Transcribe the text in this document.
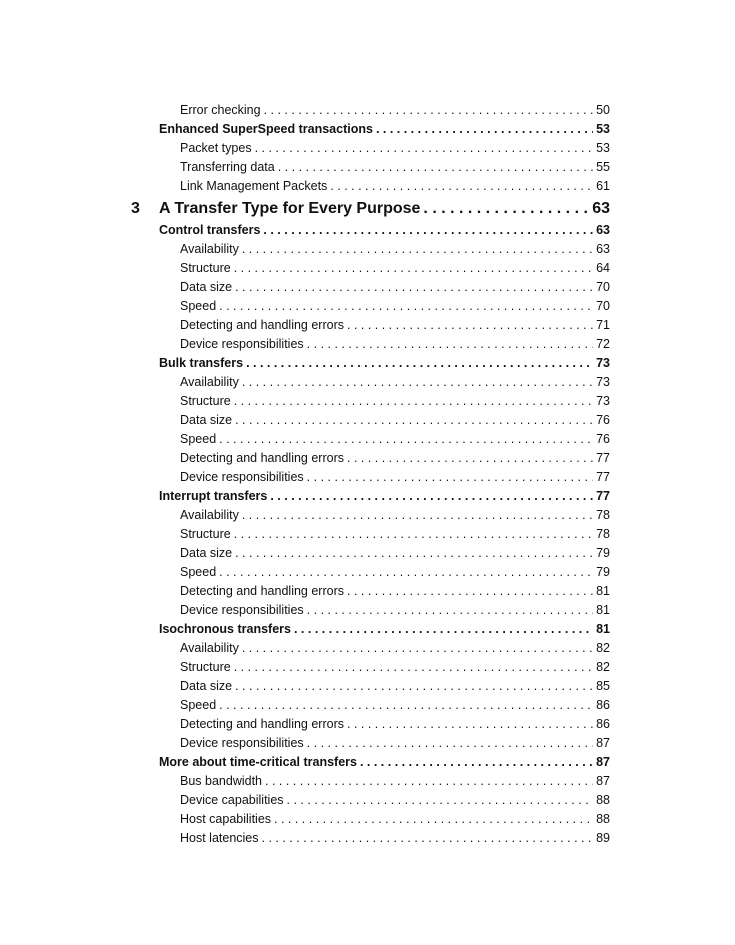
Error checking . . .	50
Enhanced SuperSpeed transactions . . .	53
Packet types . . .	53
Transferring data . . .	55
Link Management Packets . . .	61
3 A Transfer Type for Every Purpose . . .	63
Control transfers . . .	63
Availability . . .	63
Structure . . .	64
Data size . . .	70
Speed . . .	70
Detecting and handling errors . . .	71
Device responsibilities . . .	72
Bulk transfers . . .	73
Availability . . .	73
Structure . . .	73
Data size . . .	76
Speed . . .	76
Detecting and handling errors . . .	77
Device responsibilities . . .	77
Interrupt transfers . . .	77
Availability . . .	78
Structure . . .	78
Data size . . .	79
Speed . . .	79
Detecting and handling errors . . .	81
Device responsibilities . . .	81
Isochronous transfers . . .	81
Availability . . .	82
Structure . . .	82
Data size . . .	85
Speed . . .	86
Detecting and handling errors . . .	86
Device responsibilities . . .	87
More about time-critical transfers . . .	87
Bus bandwidth . . .	87
Device capabilities . . .	88
Host capabilities . . .	88
Host latencies . . .	89
